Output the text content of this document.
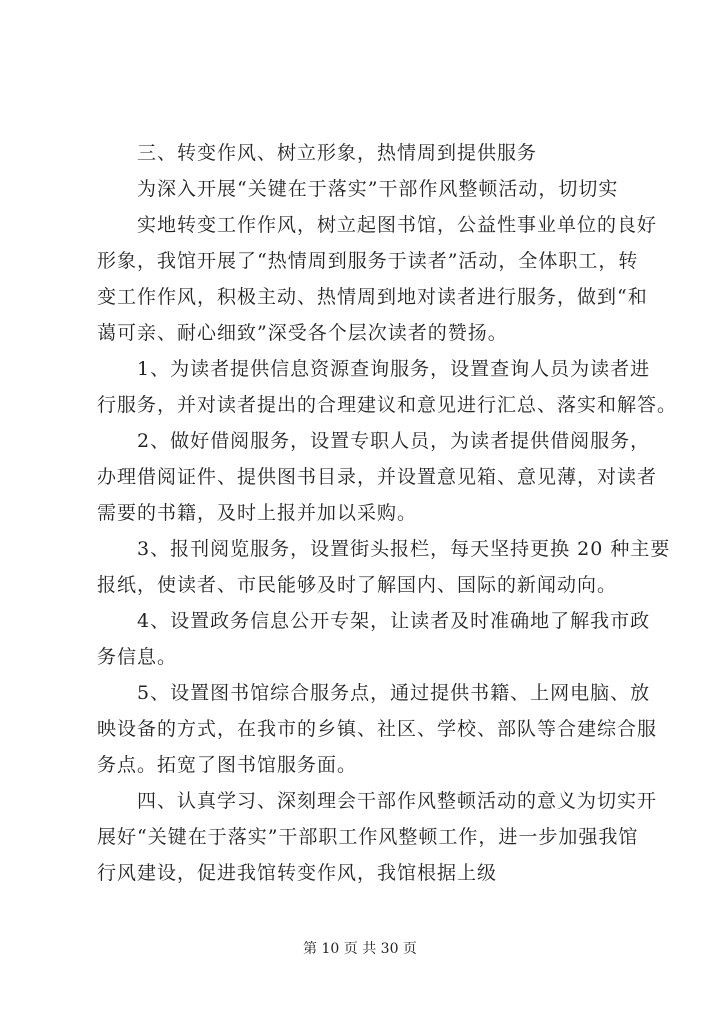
三、转变作风、树立形象，热情周到提供服务
为深入开展“关键在于落实”干部作风整顿活动，切切实
实地转变工作作风，树立起图书馆，公益性事业单位的良好
形象，我馆开展了“热情周到服务于读者”活动，全体职工，转
变工作作风，积极主动、热情周到地对读者进行服务，做到“和
蔼可亲、耐心细致”深受各个层次读者的赞扬。
1、为读者提供信息资源查询服务，设置查询人员为读者进
行服务，并对读者提出的合理建议和意见进行汇总、落实和解答。
2、做好借阅服务，设置专职人员，为读者提供借阅服务，
办理借阅证件、提供图书目录，并设置意见箱、意见薄，对读者
需要的书籍，及时上报并加以采购。
3、报刊阅览服务，设置街头报栏，每天坚持更换 20 种主要
报纸，使读者、市民能够及时了解国内、国际的新闻动向。
4、设置政务信息公开专架，让读者及时准确地了解我市政
务信息。
5、设置图书馆综合服务点，通过提供书籍、上网电脑、放
映设备的方式，在我市的乡镇、社区、学校、部队等合建综合服
务点。拓宽了图书馆服务面。
四、认真学习、深刻理会干部作风整顿活动的意义为切实开
展好“关键在于落实”干部职工作风整顿工作，进一步加强我馆
行风建设，促进我馆转变作风，我馆根据上级
第 10 页 共 30 页
